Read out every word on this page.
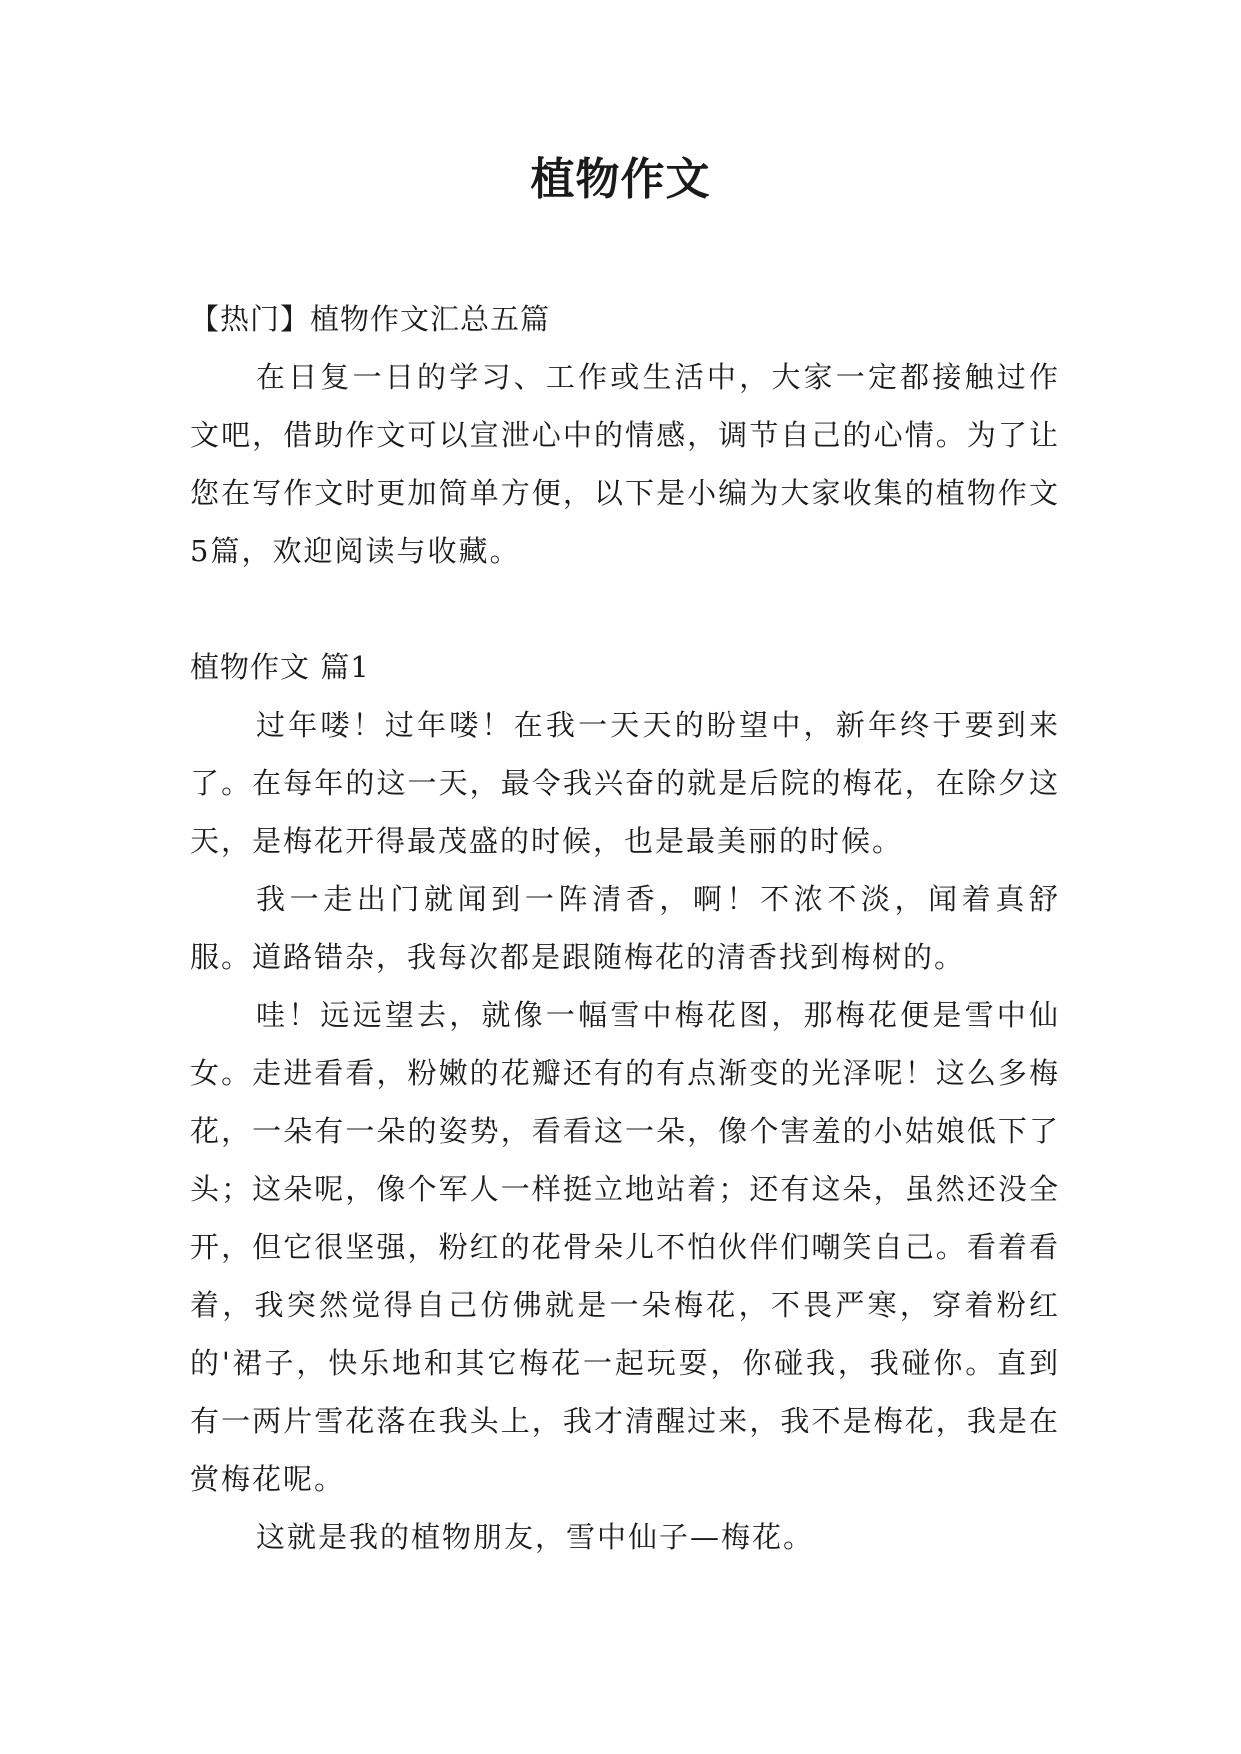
植物作文

【热门】植物作文汇总五篇

在日复一日的学习、工作或生活中，大家一定都接触过作文吧，借助作文可以宣泄心中的情感，调节自己的心情。为了让您在写作文时更加简单方便，以下是小编为大家收集的植物作文5篇，欢迎阅读与收藏。

植物作文 篇1

过年喽！过年喽！在我一天天的盼望中，新年终于要到来了。在每年的这一天，最令我兴奋的就是后院的梅花，在除夕这天，是梅花开得最茂盛的时候，也是最美丽的时候。

我一走出门就闻到一阵清香，啊！不浓不淡，闻着真舒服。道路错杂，我每次都是跟随梅花的清香找到梅树的。

哇！远远望去，就像一幅雪中梅花图，那梅花便是雪中仙女。走进看看，粉嫩的花瓣还有的有点渐变的光泽呢！这么多梅花，一朵有一朵的姿势，看看这一朵，像个害羞的小姑娘低下了头；这朵呢，像个军人一样挺立地站着；还有这朵，虽然还没全开，但它很坚强，粉红的花骨朵儿不怕伙伴们嘲笑自己。看着看着，我突然觉得自己仿佛就是一朵梅花，不畏严寒，穿着粉红的'裙子，快乐地和其它梅花一起玩耍，你碰我，我碰你。直到有一两片雪花落在我头上，我才清醒过来，我不是梅花，我是在赏梅花呢。

这就是我的植物朋友，雪中仙子—梅花。
